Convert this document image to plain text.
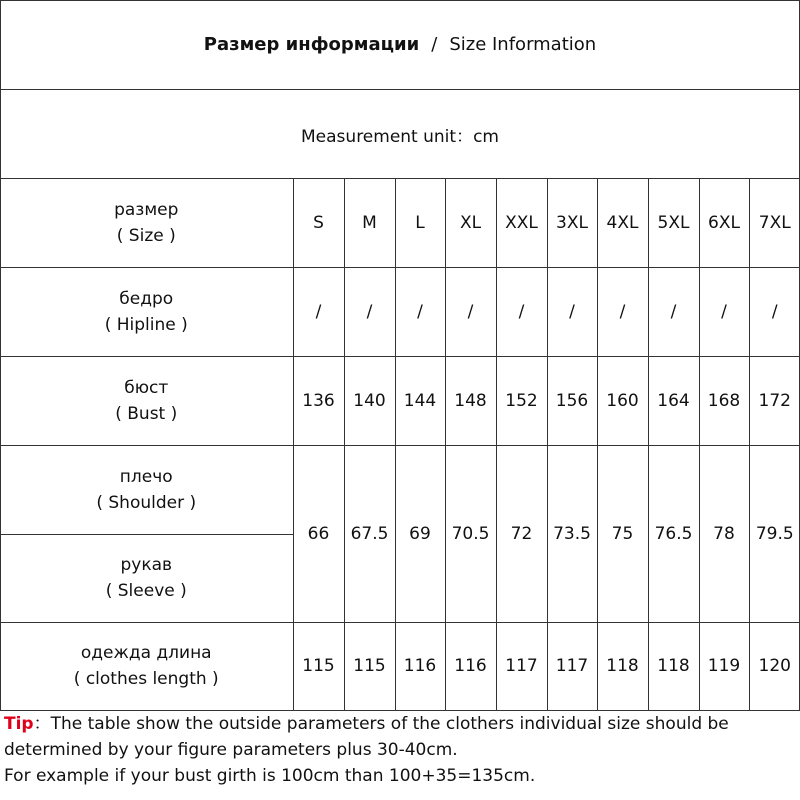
Размер информации / Size Information
Measurement unit：cm
размер
( Size )	S	M	L	XL	XXL	3XL	4XL	5XL	6XL	7XL

бедро
( Hipline )	/	/	/	/	/	/	/	/	/	/

бюст
( Bust )	136	140	144	148	152	156	160	164	168	172

плечо
( Shoulder )	66	67.5	69	70.5	72	73.5	75	76.5	78	79.5

рукав
( Sleeve )										

одежда длина
( clothes length )	115	115	116	116	117	117	118	118	119	120
Tip：The table show the outside parameters of the clothers individual size should be
determined by your figure parameters plus 30-40cm.
For example if your bust girth is 100cm than 100+35=135cm.
